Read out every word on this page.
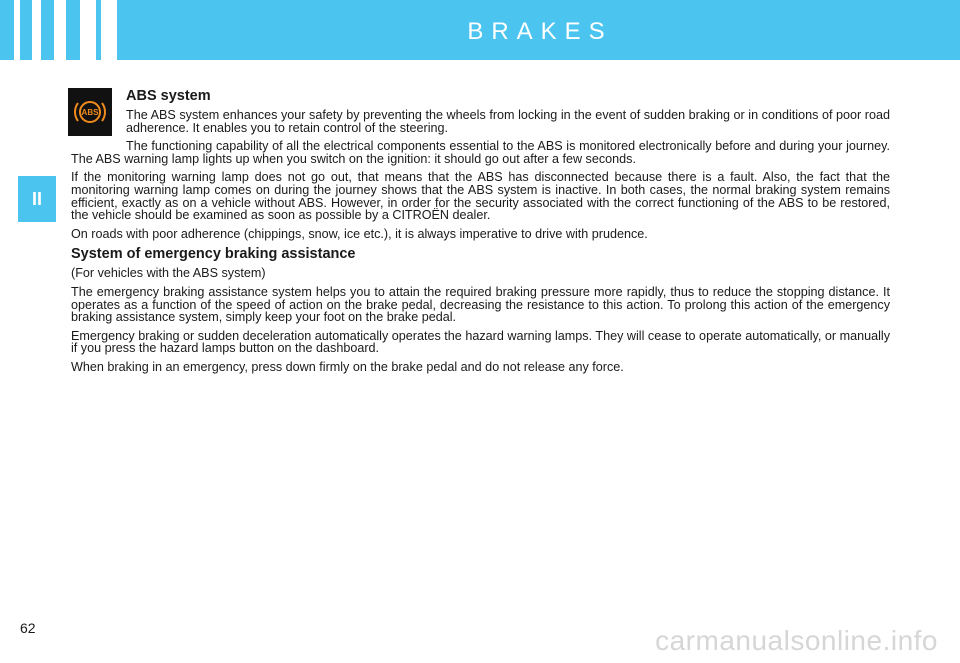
BRAKES
II
ABS
ABS system

The ABS system enhances your safety by preventing the wheels from locking in the event of sudden braking or in conditions of poor road adherence. It enables you to retain control of the steering.

The functioning capability of all the electrical components essential to the ABS is monitored electronically before and during your journey. The ABS warning lamp lights up when you switch on the ignition: it should go out after a few seconds.

If the monitoring warning lamp does not go out, that means that the ABS has disconnected because there is a fault. Also, the fact that the monitoring warning lamp comes on during the journey shows that the ABS system is inactive. In both cases, the normal braking system remains efficient, exactly as on a vehicle without ABS. However, in order for the security associated with the correct functioning of the ABS to be restored, the vehicle should be examined as soon as possible by a CITROËN dealer.

On roads with poor adherence (chippings, snow, ice etc.), it is always imperative to drive with prudence.

System of emergency braking assistance

(For vehicles with the ABS system)

The emergency braking assistance system helps you to attain the required braking pressure more rapidly, thus to reduce the stopping distance. It operates as a function of the speed of action on the brake pedal, decreasing the resistance to this action. To prolong this action of the emergency braking assistance system, simply keep your foot on the brake pedal.

Emergency braking or sudden deceleration automatically operates the hazard warning lamps. They will cease to operate automatically, or manually if you press the hazard lamps button on the dashboard.

When braking in an emergency, press down firmly on the brake pedal and do not release any force.

62	carmanualsonline.info
